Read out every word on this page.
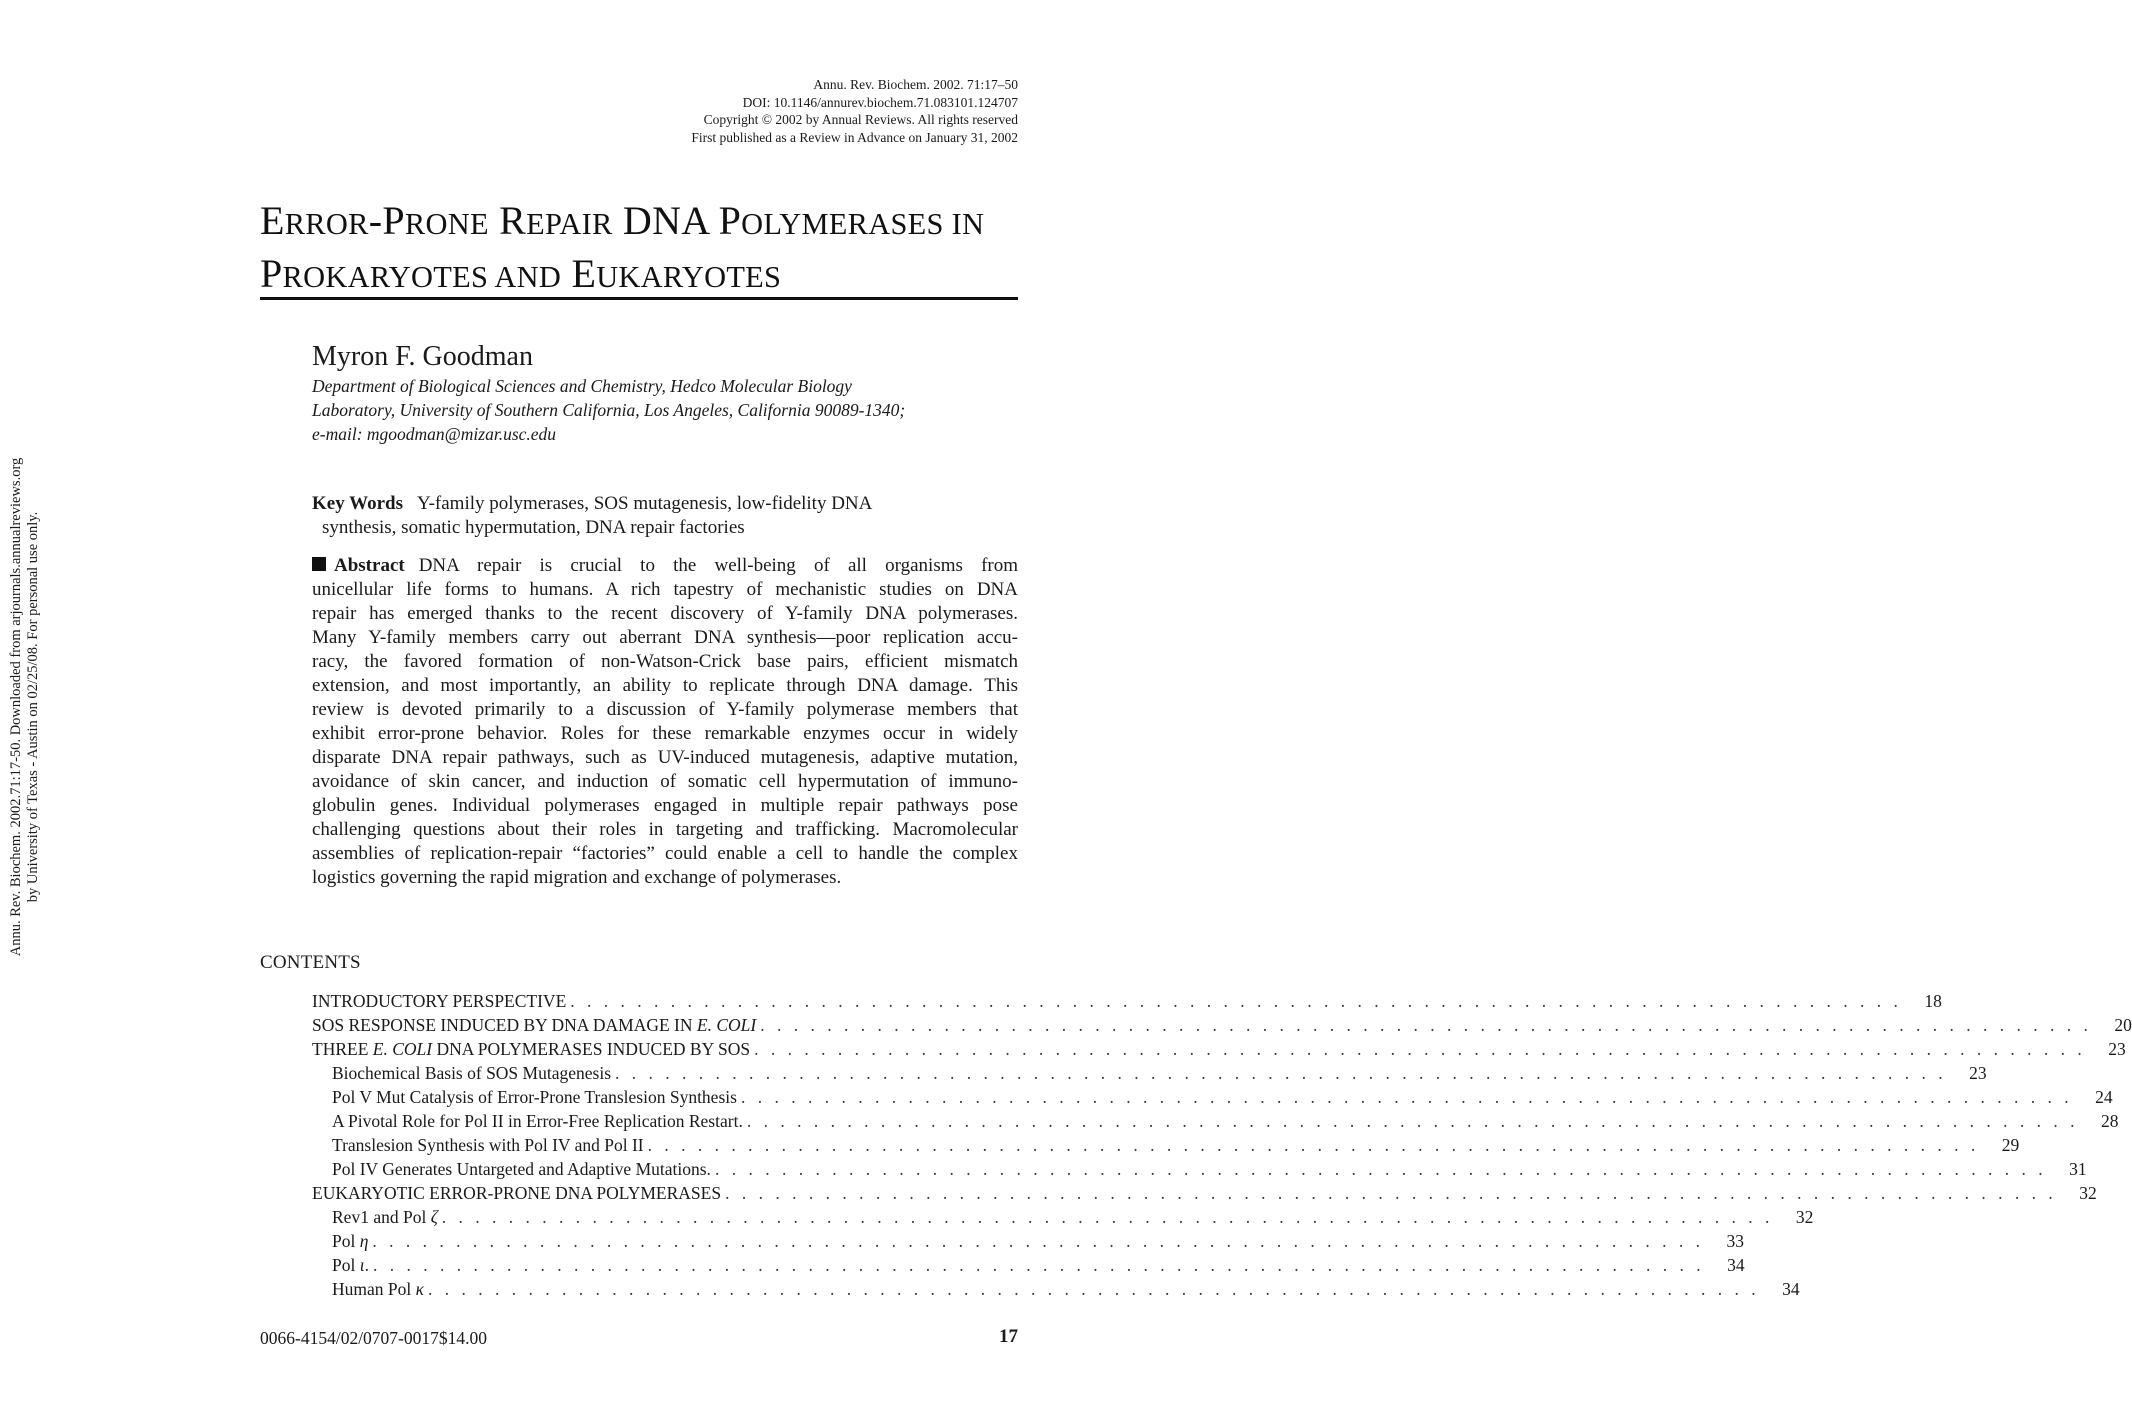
Annu. Rev. Biochem. 2002.71:17-50. Downloaded from arjournals.annualreviews.org by University of Texas - Austin on 02/25/08. For personal use only.
Annu. Rev. Biochem. 2002. 71:17–50
DOI: 10.1146/annurev.biochem.71.083101.124707
Copyright © 2002 by Annual Reviews. All rights reserved
First published as a Review in Advance on January 31, 2002
ERROR-PRONE REPAIR DNA POLYMERASES IN
PROKARYOTES AND EUKARYOTES
Myron F. Goodman
Department of Biological Sciences and Chemistry, Hedco Molecular Biology
Laboratory, University of Southern California, Los Angeles, California 90089-1340;
e-mail: mgoodman@mizar.usc.edu
Key Words Y-family polymerases, SOS mutagenesis, low-fidelity DNA
synthesis, somatic hypermutation, DNA repair factories
Abstract DNA repair is crucial to the well-being of all organisms from
unicellular life forms to humans. A rich tapestry of mechanistic studies on DNA
repair has emerged thanks to the recent discovery of Y-family DNA polymerases.
Many Y-family members carry out aberrant DNA synthesis—poor replication accu-
racy, the favored formation of non-Watson-Crick base pairs, efficient mismatch
extension, and most importantly, an ability to replicate through DNA damage. This
review is devoted primarily to a discussion of Y-family polymerase members that
exhibit error-prone behavior. Roles for these remarkable enzymes occur in widely
disparate DNA repair pathways, such as UV-induced mutagenesis, adaptive mutation,
avoidance of skin cancer, and induction of somatic cell hypermutation of immuno-
globulin genes. Individual polymerases engaged in multiple repair pathways pose
challenging questions about their roles in targeting and trafficking. Macromolecular
assemblies of replication-repair “factories” could enable a cell to handle the complex
logistics governing the rapid migration and exchange of polymerases.
CONTENTS
INTRODUCTORY PERSPECTIVE . . . . . . . . . . . . . . . . . . . . . . . . . . . . . . . . . . . . . . . . . . . . . . . . . . . . . . . . . . . . . . . . . . . . . . . . . . . . . . . .	18
SOS RESPONSE INDUCED BY DNA DAMAGE IN E. COLI . . . . . . . . . . . . . . . . . . . . . . . . . . . . . . . . . . . . . . . . . . . . . . . . . . . . . . . . . . . . . . . . . . . . . . . . . . . . . . . .	20
THREE E. COLI DNA POLYMERASES INDUCED BY SOS . . . . . . . . . . . . . . . . . . . . . . . . . . . . . . . . . . . . . . . . . . . . . . . . . . . . . . . . . . . . . . . . . . . . . . . . . . . . . . . .	23
Biochemical Basis of SOS Mutagenesis . . . . . . . . . . . . . . . . . . . . . . . . . . . . . . . . . . . . . . . . . . . . . . . . . . . . . . . . . . . . . . . . . . . . . . . . . . . . . . . .	23
Pol V Mut Catalysis of Error-Prone Translesion Synthesis . . . . . . . . . . . . . . . . . . . . . . . . . . . . . . . . . . . . . . . . . . . . . . . . . . . . . . . . . . . . . . . . . . . . . . . . . . . . . . . .	24
A Pivotal Role for Pol II in Error-Free Replication Restart. . . . . . . . . . . . . . . . . . . . . . . . . . . . . . . . . . . . . . . . . . . . . . . . . . . . . . . . . . . . . . . . . . . . . . . . . . . . . . . . .	28
Translesion Synthesis with Pol IV and Pol II . . . . . . . . . . . . . . . . . . . . . . . . . . . . . . . . . . . . . . . . . . . . . . . . . . . . . . . . . . . . . . . . . . . . . . . . . . . . . . . .	29
Pol IV Generates Untargeted and Adaptive Mutations. . . . . . . . . . . . . . . . . . . . . . . . . . . . . . . . . . . . . . . . . . . . . . . . . . . . . . . . . . . . . . . . . . . . . . . . . . . . . . . . .	31
EUKARYOTIC ERROR-PRONE DNA POLYMERASES . . . . . . . . . . . . . . . . . . . . . . . . . . . . . . . . . . . . . . . . . . . . . . . . . . . . . . . . . . . . . . . . . . . . . . . . . . . . . . . .	32
Rev1 and Pol ζ . . . . . . . . . . . . . . . . . . . . . . . . . . . . . . . . . . . . . . . . . . . . . . . . . . . . . . . . . . . . . . . . . . . . . . . . . . . . . . . .	32
Pol η . . . . . . . . . . . . . . . . . . . . . . . . . . . . . . . . . . . . . . . . . . . . . . . . . . . . . . . . . . . . . . . . . . . . . . . . . . . . . . . .	33
Pol ι. . . . . . . . . . . . . . . . . . . . . . . . . . . . . . . . . . . . . . . . . . . . . . . . . . . . . . . . . . . . . . . . . . . . . . . . . . . . . . . . .	34
Human Pol κ . . . . . . . . . . . . . . . . . . . . . . . . . . . . . . . . . . . . . . . . . . . . . . . . . . . . . . . . . . . . . . . . . . . . . . . . . . . . . . . .	34
0066-4154/02/0707-0017$14.00	17
